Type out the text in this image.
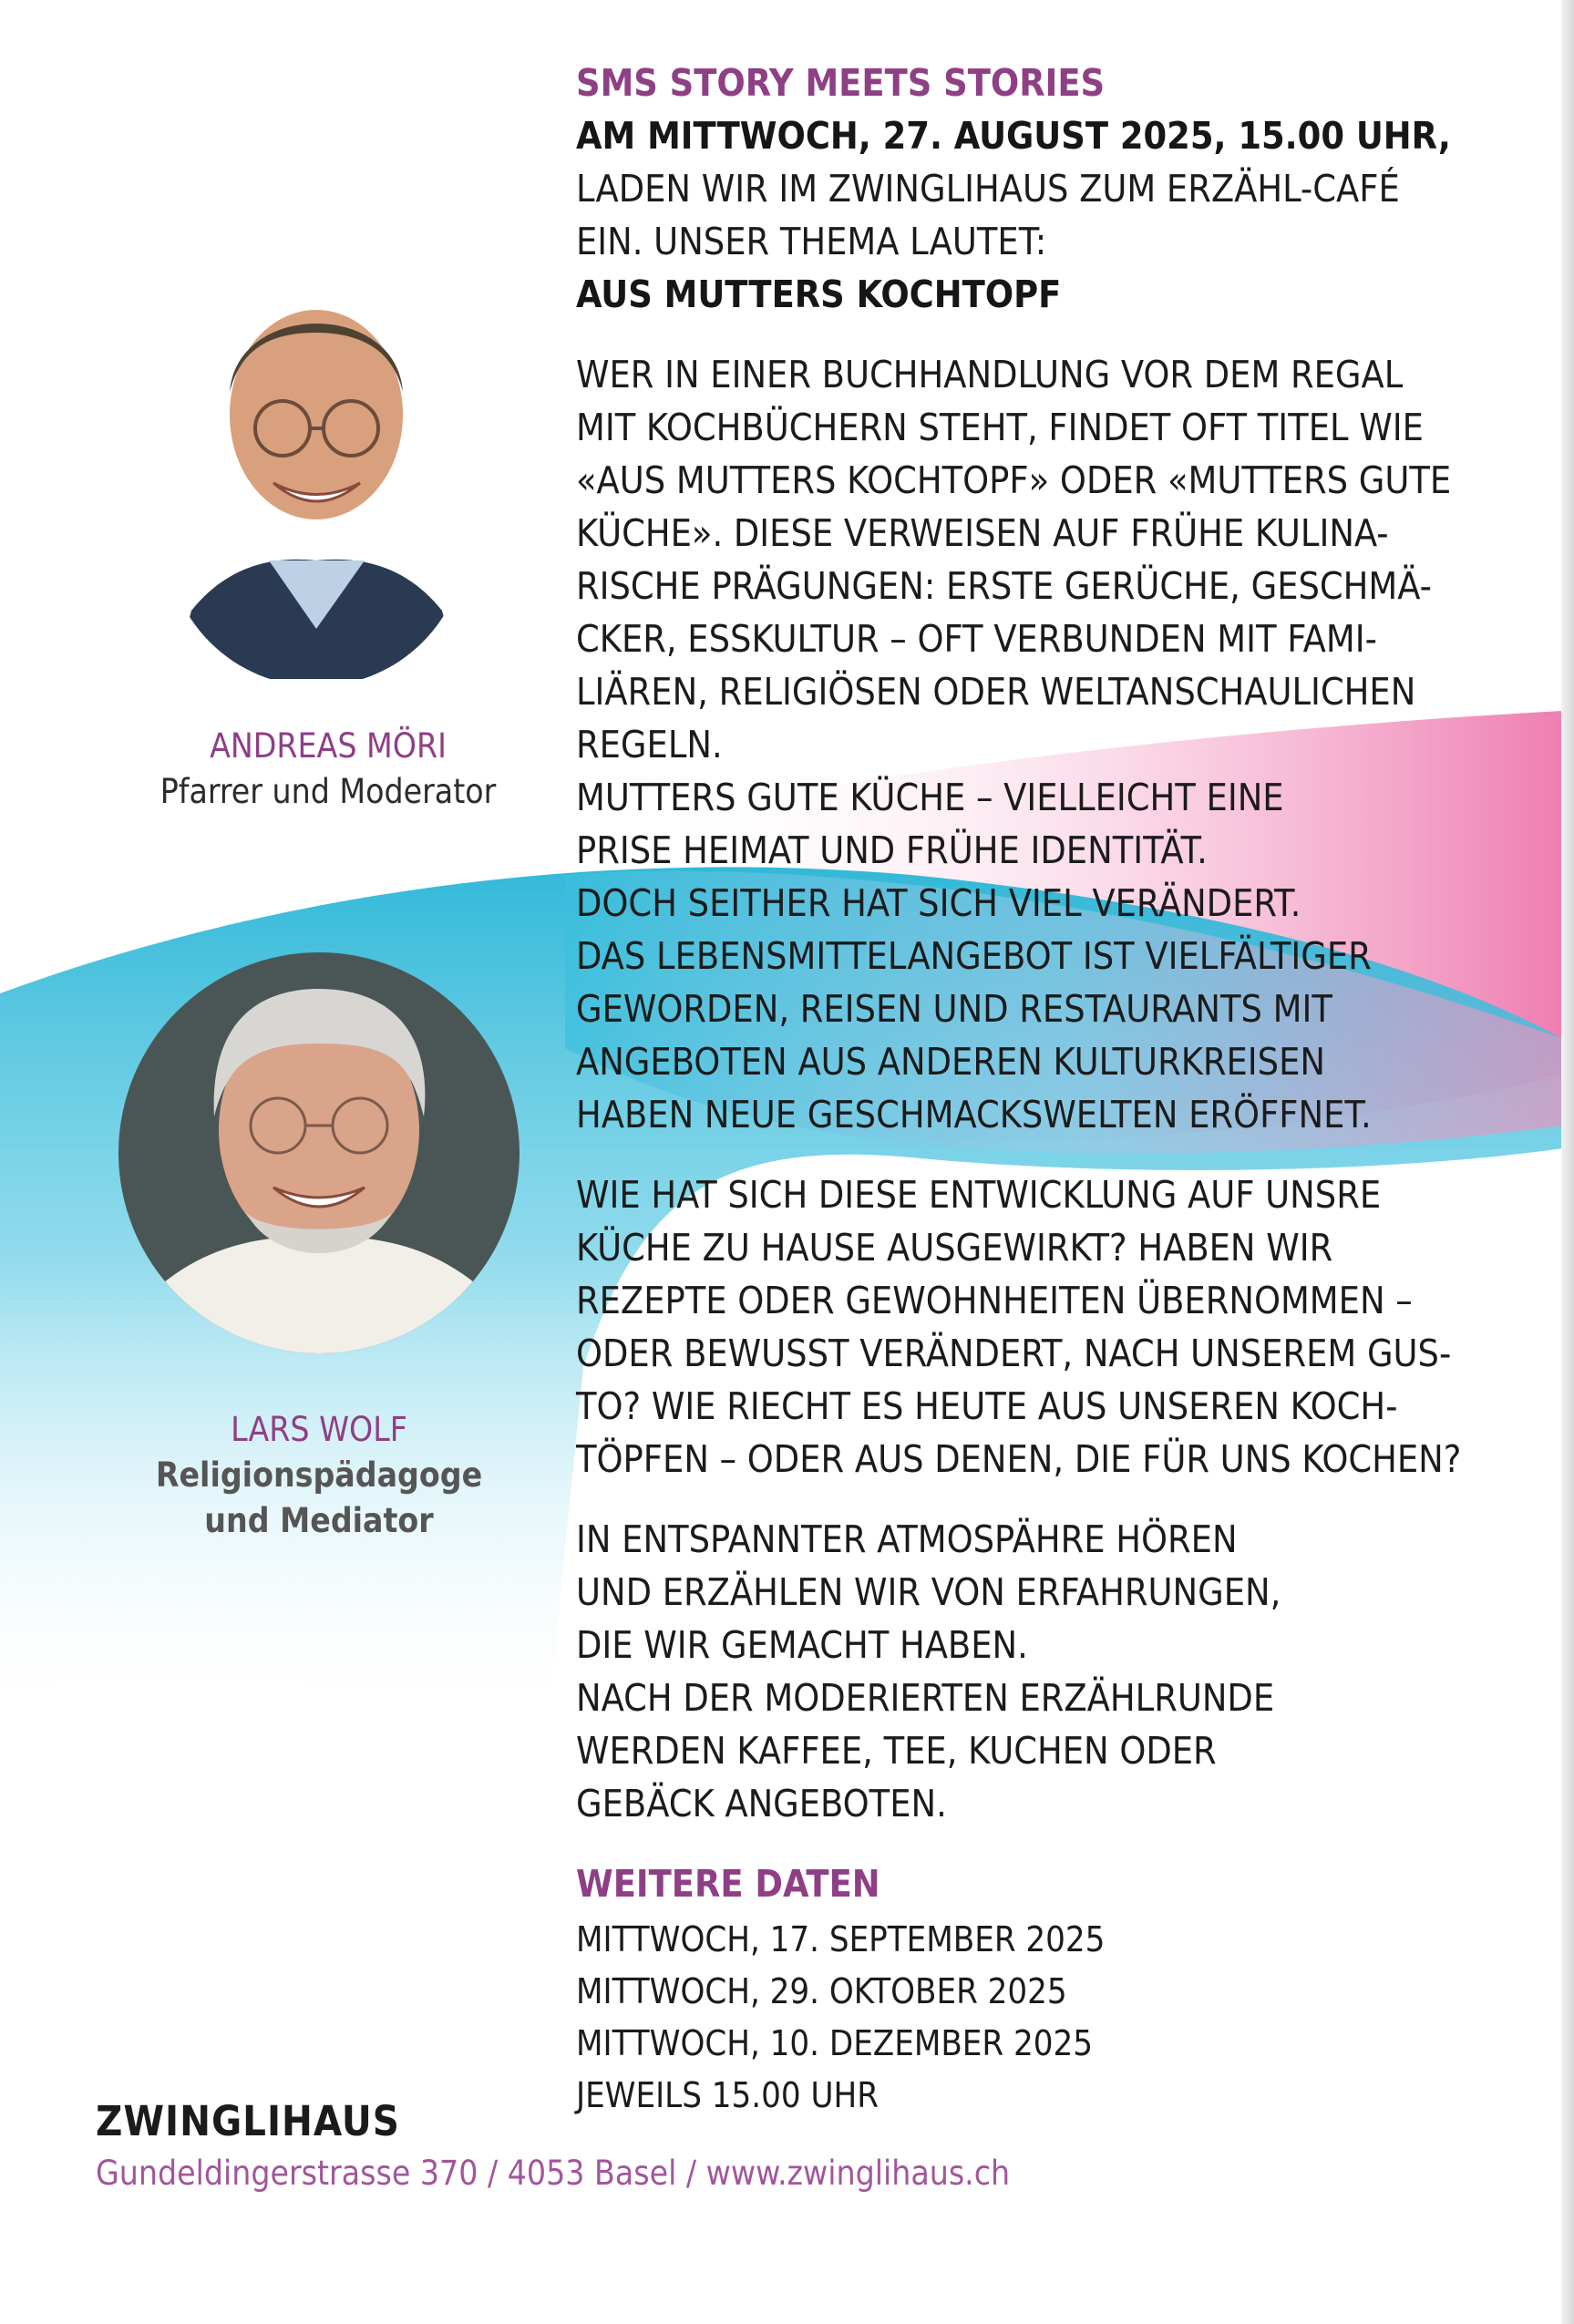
ANDREAS MÖRI

Pfarrer und Moderator

LARS WOLF

Religionspädagoge

und Mediator

SMS STORY MEETS STORIES

AM MITTWOCH, 27. AUGUST 2025, 15.00 UHR,

LADEN WIR IM ZWINGLIHAUS ZUM ERZÄHL-CAFÉ

EIN. UNSER THEMA LAUTET:

AUS MUTTERS KOCHTOPF

WER IN EINER BUCHHANDLUNG VOR DEM REGAL

MIT KOCHBÜCHERN STEHT, FINDET OFT TITEL WIE

«AUS MUTTERS KOCHTOPF» ODER «MUTTERS GUTE

KÜCHE». DIESE VERWEISEN AUF FRÜHE KULINA-

RISCHE PRÄGUNGEN: ERSTE GERÜCHE, GESCHMÄ-

CKER, ESSKULTUR – OFT VERBUNDEN MIT FAMI-

LIÄREN, RELIGIÖSEN ODER WELTANSCHAULICHEN

REGELN.

MUTTERS GUTE KÜCHE – VIELLEICHT EINE

PRISE HEIMAT UND FRÜHE IDENTITÄT.

DOCH SEITHER HAT SICH VIEL VERÄNDERT.

DAS LEBENSMITTELANGEBOT IST VIELFÄLTIGER

GEWORDEN, REISEN UND RESTAURANTS MIT

ANGEBOTEN AUS ANDEREN KULTURKREISEN

HABEN NEUE GESCHMACKSWELTEN ERÖFFNET.

WIE HAT SICH DIESE ENTWICKLUNG AUF UNSRE

KÜCHE ZU HAUSE AUSGEWIRKT? HABEN WIR

REZEPTE ODER GEWOHNHEITEN ÜBERNOMMEN –

ODER BEWUSST VERÄNDERT, NACH UNSEREM GUS-

TO? WIE RIECHT ES HEUTE AUS UNSEREN KOCH-

TÖPFEN – ODER AUS DENEN, DIE FÜR UNS KOCHEN?

IN ENTSPANNTER ATMOSPÄHRE HÖREN

UND ERZÄHLEN WIR VON ERFAHRUNGEN,

DIE WIR GEMACHT HABEN.

NACH DER MODERIERTEN ERZÄHLRUNDE

WERDEN KAFFEE, TEE, KUCHEN ODER

GEBÄCK ANGEBOTEN.

WEITERE DATEN

MITTWOCH, 17. SEPTEMBER 2025

MITTWOCH, 29. OKTOBER 2025

MITTWOCH, 10. DEZEMBER 2025

JEWEILS 15.00 UHR

ZWINGLIHAUS

Gundeldingerstrasse 370 / 4053 Basel / www.zwinglihaus.ch
